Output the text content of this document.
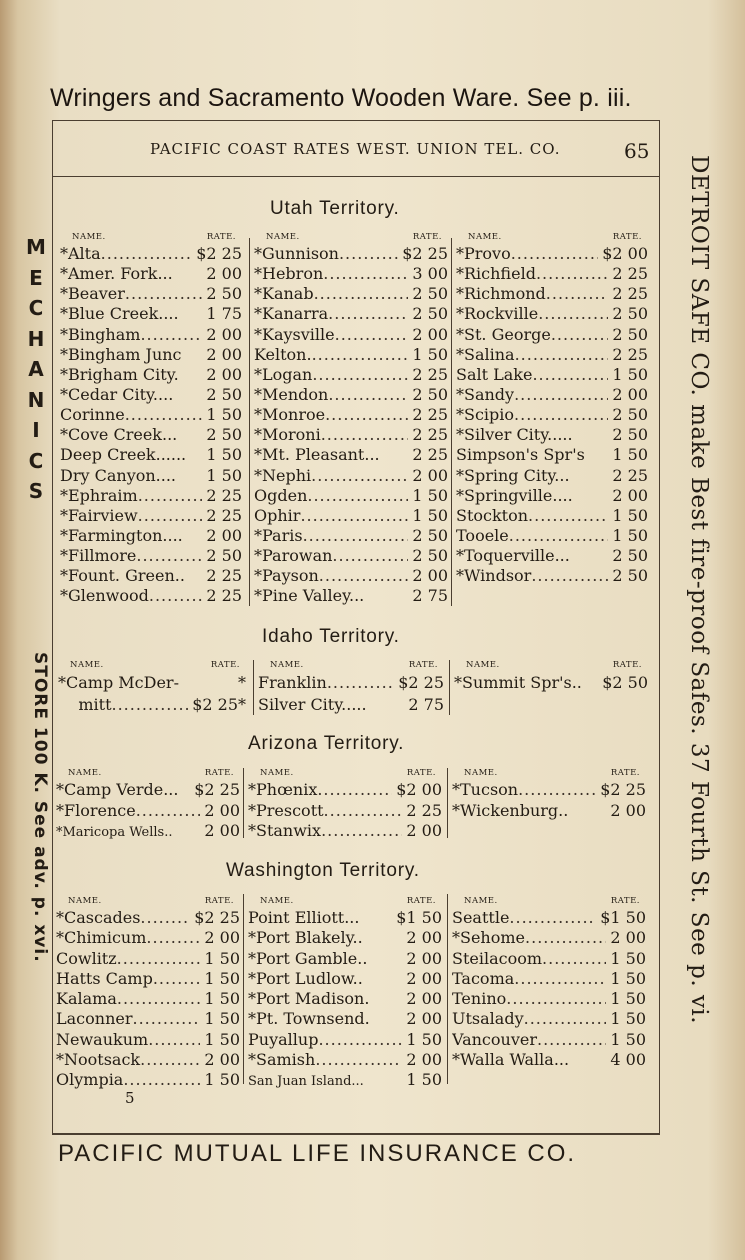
Wringers and Sacramento Wooden Ware. See p. iii.
PACIFIC COAST RATES WEST. UNION TEL. CO.	65
Utah Territory.
NAME.	RATE.
*Alta .....	$2 25
*Amer. Fork... 2 00
*Beaver .....	2 50
*Blue Creek.... 1 75
*Bingham .....	2 00
*Bingham Junc 2 00
*Brigham City. 2 00
*Cedar City.... 2 50
Corinne .....	1 50
*Cove Creek... 2 50
Deep Creek...... 1 50
Dry Canyon.... 1 50
*Ephraim .....	2 25
*Fairview .....	2 25
*Farmington.... 2 00
*Fillmore .....	2 50
*Fount. Green.. 2 25
*Glenwood .....	2 25
NAME.	RATE.
*Gunnison .....	$2 25
*Hebron .....	3 00
*Kanab .....	2 50
*Kanarra .....	2 50
*Kaysville .....	2 00
Kelton. .....	1 50
*Logan .....	2 25
*Mendon .....	2 50
*Monroe .....	2 25
*Moroni .....	2 25
*Mt. Pleasant... 2 25
*Nephi .....	2 00
Ogden .....	1 50
Ophir .....	1 50
*Paris .....	2 50
*Parowan .....	2 50
*Payson .....	2 00
*Pine Valley...	2 75
NAME.	RATE.
*Provo .....	$2 00
*Richfield .....	2 25
*Richmond .....	2 25
*Rockville .....	2 50
*St. George .....	2 50
*Salina .....	2 25
Salt Lake .....	1 50
*Sandy .....	2 00
*Scipio .....	2 50
*Silver City..... 2 50
Simpson's Spr's 1 50
*Spring City...	2 25
*Springville.... 2 00
Stockton .....	1 50
Tooele .....	1 50
*Toquerville...	2 50
*Windsor .....	2 50
Idaho Territory.
NAME.	RATE.
*Camp McDer-	*
mitt .....	$2 25*
NAME.	RATE.
Franklin .....	$2 25
Silver City.....	2 75
NAME.	RATE.
*Summit Spr's.. $2 50
Arizona Territory.
NAME.	RATE.
*Camp Verde... $2 25
*Florence .....	2 00
*Maricopa Wells.. 2 00
NAME.	RATE.
*Phœnix .....	$2 00
*Prescott .....	2 25
*Stanwix .....	2 00
NAME.	RATE.
*Tucson .....	$2 25
*Wickenburg..	2 00
Washington Territory.
NAME.	RATE.
*Cascades .....	$2 25
*Chimicum .....	2 00
Cowlitz .....	1 50
Hatts Camp .....	1 50
Kalama .....	1 50
Laconner .....	1 50
Newaukum .....	1 50
*Nootsack .....	2 00
Olympia .....	1 50
NAME.	RATE.
Point Elliott... $1 50
*Port Blakely..	2 00
*Port Gamble.. 2 00
*Port Ludlow..	2 00
*Port Madison. 2 00
*Pt. Townsend. 2 00
Puyallup .....	1 50
*Samish .....	2 00
San Juan Island...	1 50
NAME.	RATE.
Seattle .....	$1 50
*Sehome .....	2 00
Steilacoom .....	1 50
Tacoma .....	1 50
Tenino .....	1 50
Utsalady .....	1 50
Vancouver .....	1 50
*Walla Walla...	4 00
5
PACIFIC MUTUAL LIFE INSURANCE CO.
DETROIT SAFE CO. make Best fire-proof Safes. 37 Fourth St. See p. vi.
M
E
C
H
A
N
I
C
S
STORE 100 K. See adv. p. xvi.
